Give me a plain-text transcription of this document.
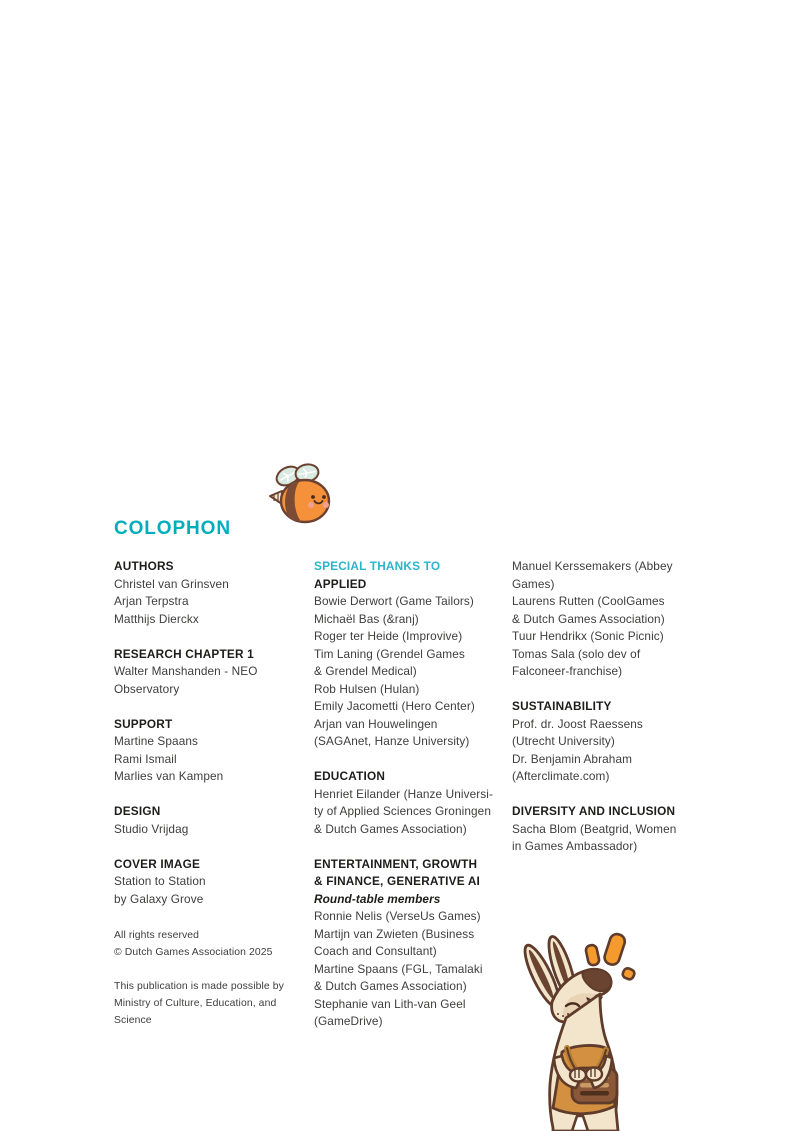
COLOPHON
AUTHORS
Christel van Grinsven
Arjan Terpstra
Matthijs Dierckx
RESEARCH CHAPTER 1
Walter Manshanden - NEO
Observatory
SUPPORT
Martine Spaans
Rami Ismail
Marlies van Kampen
DESIGN
Studio Vrijdag
COVER IMAGE
Station to Station
by Galaxy Grove
All rights reserved
© Dutch Games Association 2025
This publication is made possible by
Ministry of Culture, Education, and
Science
SPECIAL THANKS TO
APPLIED
Bowie Derwort (Game Tailors)
Michaël Bas (&ranj)
Roger ter Heide (Improvive)
Tim Laning (Grendel Games
& Grendel Medical)
Rob Hulsen (Hulan)
Emily Jacometti (Hero Center)
Arjan van Houwelingen
(SAGAnet, Hanze University)
EDUCATION
Henriet Eilander (Hanze Universi-
ty of Applied Sciences Groningen
& Dutch Games Association)
ENTERTAINMENT, GROWTH
& FINANCE, GENERATIVE AI
Round-table members
Ronnie Nelis (VerseUs Games)
Martijn van Zwieten (Business
Coach and Consultant)
Martine Spaans (FGL, Tamalaki
& Dutch Games Association)
Stephanie van Lith-van Geel
(GameDrive)
Manuel Kerssemakers (Abbey
Games)
Laurens Rutten (CoolGames
& Dutch Games Association)
Tuur Hendrikx (Sonic Picnic)
Tomas Sala (solo dev of
Falconeer-franchise)
SUSTAINABILITY
Prof. dr. Joost Raessens
(Utrecht University)
Dr. Benjamin Abraham
(Afterclimate.com)
DIVERSITY AND INCLUSION
Sacha Blom (Beatgrid, Women
in Games Ambassador)
